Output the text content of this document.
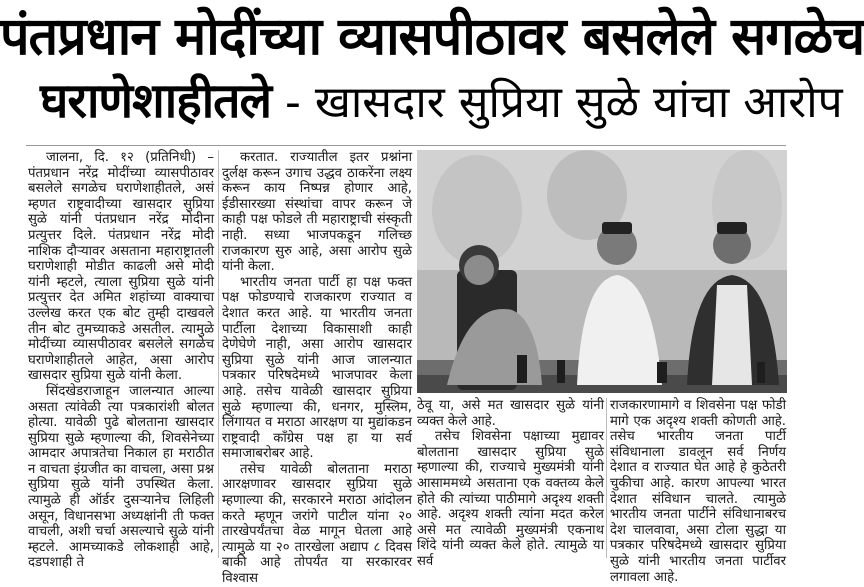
पंतप्रधान मोदींच्या व्यासपीठावर बसलेले सगळेच
घराणेशाहीतले - खासदार सुप्रिया सुळे यांचा आरोप

जालना, दि. १२ (प्रतिनिधी) – पंतप्रधान नरेंद्र मोदींच्या व्यासपीठावर बसलेले सगळेच घराणेशाहीतले, असं म्हणत राष्ट्रवादीच्या खासदार सुप्रिया सुळे यांनी पंतप्रधान नरेंद्र मोदीना प्रत्युत्तर दिले. पंतप्रधान नरेंद्र मोदी नाशिक दौऱ्यावर असताना महाराष्ट्रातली घराणेशाही मोडीत काढली असे मोदी यांनी म्हटले, त्याला सुप्रिया सुळे यांनी प्रत्युत्तर देत अमित शहांच्या वाक्याचा उल्लेख करत एक बोट तुम्ही दाखवले तीन बोट तुमच्याकडे असतील. त्यामुळे मोदींच्या व्यासपीठावर बसलेले सगळेच घराणेशाहीतले आहेत, असा आरोप खासदार सुप्रिया सुळे यांनी केला.

सिंदखेडराजाहून जालन्यात आल्या असता त्यांवेळी त्या पत्रकारांशी बोलत होत्या. यावेळी पुढे बोलताना खासदार सुप्रिया सुळे म्हणाल्या की, शिवसेनेच्या आमदार अपात्रतेचा निकाल हा मराठीत न वाचता इंग्रजीत का वाचला, असा प्रश्न सुप्रिया सुळे यांनी उपस्थित केला. त्यामुळे ही ऑर्डर दुसऱ्यानेच लिहिली असून, विधानसभा अध्यक्षांनी ती फक्त वाचली, अशी चर्चा असल्याचे सुळे यांनी म्हटले. आमच्याकडे लोकशाही आहे, दडपशाही ते

करतात. राज्यातील इतर प्रश्नांना दुर्लक्ष करून उगाच उद्धव ठाकरेंना लक्ष्य करून काय निष्पन्न होणार आहे, ईडीसारख्या संस्थांचा वापर करून जे काही पक्ष फोडले ती महाराष्ट्राची संस्कृती नाही. सध्या भाजपकडून गलिच्छ राजकारण सुरु आहे, असा आरोप सुळे यांनी केला.

भारतीय जनता पार्टी हा पक्ष फक्त पक्ष फोडण्याचे राजकारण राज्यात व देशात करत आहे. या भारतीय जनता पार्टीला देशाच्या विकासाशी काही देणेघेणे नाही, असा आरोप खासदार सुप्रिया सुळे यांनी आज जालन्यात पत्रकार परिषदेमध्ये भाजपावर केला आहे. तसेच यावेळी खासदार सुप्रिया सुळे म्हणाल्या की, धनगर, मुस्लिम, लिंगायत व मराठा आरक्षण या मुद्यांकडन राष्ट्रवादी कॉंग्रेस पक्ष हा या सर्व समाजाबरोबर आहे.

तसेच यावेळी बोलताना मराठा आरक्षणावर खासदार सुप्रिया सुळे म्हणाल्या की, सरकारने मराठा आंदोलन करते म्हणून जरांगे पाटील यांना २० तारखेपर्यंतचा वेळ मागून घेतला आहे त्यामुळे या २० तारखेला अद्याप ८ दिवस बाकी आहे तोपर्यंत या सरकारवर विश्वास

ठेवू या, असे मत खासदार सुळे यांनी व्यक्त केले आहे.

तसेच शिवसेना पक्षाच्या मुद्यावर बोलताना खासदार सुप्रिया सुळे म्हणाल्या की, राज्याचे मुख्यमंत्री यांनी आसाममध्ये असताना एक वक्तव्य केले होते की त्यांच्या पाठीमागे अदृश्य शक्ती आहे. अदृश्य शक्ती त्यांना मदत करेल असे मत त्यावेळी मुख्यमंत्री एकनाथ शिंदे यांनी व्यक्त केले होते. त्यामुळे या सर्व

राजकारणामागे व शिवसेना पक्ष फोडी मागे एक अदृश्य शक्ती कोणती आहे. तसेच भारतीय जनता पार्टी संविधानाला डावलून सर्व निर्णय देशात व राज्यात घेत आहे हे कुठेतरी चुकीचा आहे. कारण आपल्या भारत देशात संविधान चालते. त्यामुळे भारतीय जनता पार्टीने संविधानाबरच देश चालवावा, असा टोला सुद्धा या पत्रकार परिषदेमध्ये खासदार सुप्रिया सुळे यांनी भारतीय जनता पार्टीवर लगावला आहे.
